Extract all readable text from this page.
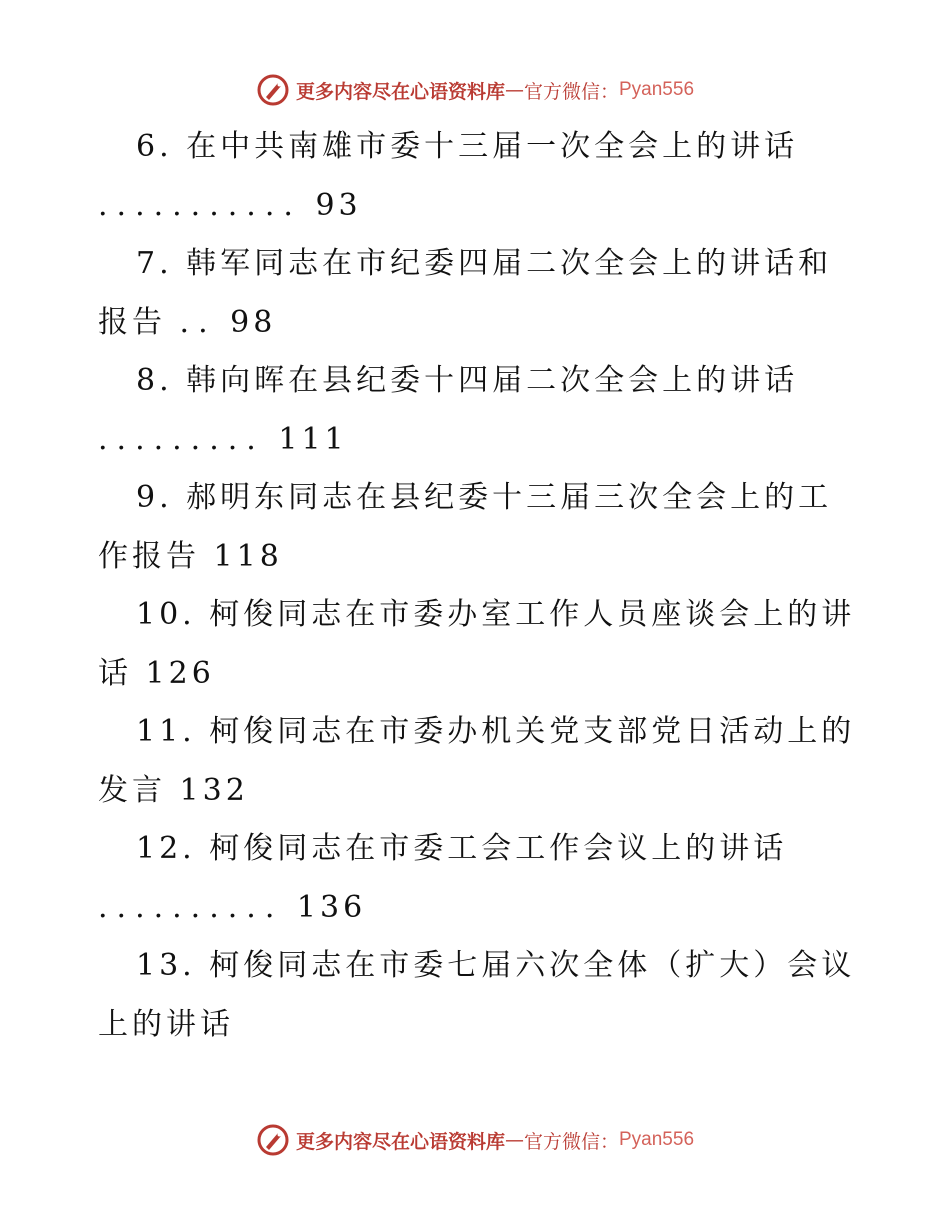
更多内容尽在心语资料库 — 官方微信： Pyan556
6. 在中共南雄市委十三届一次全会上的讲话
........... 93
7. 韩军同志在市纪委四届二次全会上的讲话和
报告 .. 98
8. 韩向晖在县纪委十四届二次全会上的讲话
......... 111
9. 郝明东同志在县纪委十三届三次全会上的工
作报告 118
10. 柯俊同志在市委办室工作人员座谈会上的讲
话 126
11. 柯俊同志在市委办机关党支部党日活动上的
发言 132
12. 柯俊同志在市委工会工作会议上的讲话
.......... 136
13. 柯俊同志在市委七届六次全体（扩大）会议
上的讲话
更多内容尽在心语资料库 — 官方微信： Pyan556
